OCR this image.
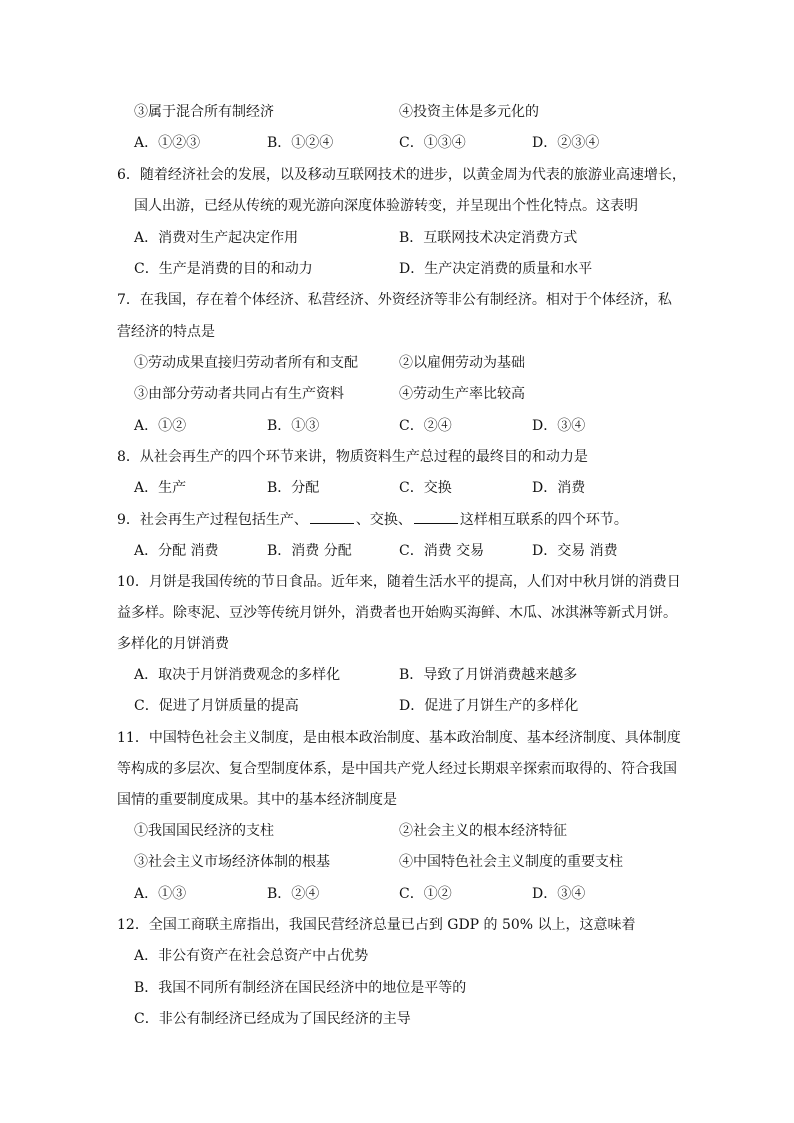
③属于混合所有制经济	④投资主体是多元化的
A．①②③	B．①②④	C．①③④	D．②③④
6．随着经济社会的发展，以及移动互联网技术的进步，以黄金周为代表的旅游业高速增长，
国人出游，已经从传统的观光游向深度体验游转变，并呈现出个性化特点。这表明
A．消费对生产起决定作用	B．互联网技术决定消费方式
C．生产是消费的目的和动力	D．生产决定消费的质量和水平
7．在我国，存在着个体经济、私营经济、外资经济等非公有制经济。相对于个体经济，私
营经济的特点是
①劳动成果直接归劳动者所有和支配	②以雇佣劳动为基础
③由部分劳动者共同占有生产资料	④劳动生产率比较高
A．①②	B．①③	C．②④	D．③④
8．从社会再生产的四个环节来讲，物质资料生产总过程的最终目的和动力是
A．生产	B．分配	C．交换	D．消费
9．社会再生产过程包括生产、	、交换、	这样相互联系的四个环节。
A．分配 消费	B．消费 分配	C．消费 交易	D．交易 消费
10．月饼是我国传统的节日食品。近年来，随着生活水平的提高，人们对中秋月饼的消费日
益多样。除枣泥、豆沙等传统月饼外，消费者也开始购买海鲜、木瓜、冰淇淋等新式月饼。
多样化的月饼消费
A．取决于月饼消费观念的多样化	B．导致了月饼消费越来越多
C．促进了月饼质量的提高	D．促进了月饼生产的多样化
11．中国特色社会主义制度，是由根本政治制度、基本政治制度、基本经济制度、具体制度
等构成的多层次、复合型制度体系，是中国共产党人经过长期艰辛探索而取得的、符合我国
国情的重要制度成果。其中的基本经济制度是
①我国国民经济的支柱	②社会主义的根本经济特征
③社会主义市场经济体制的根基	④中国特色社会主义制度的重要支柱
A．①③	B．②④	C．①②	D．③④
12．全国工商联主席指出，我国民营经济总量已占到 GDP 的 50% 以上，这意味着
A．非公有资产在社会总资产中占优势
B．我国不同所有制经济在国民经济中的地位是平等的
C．非公有制经济已经成为了国民经济的主导
